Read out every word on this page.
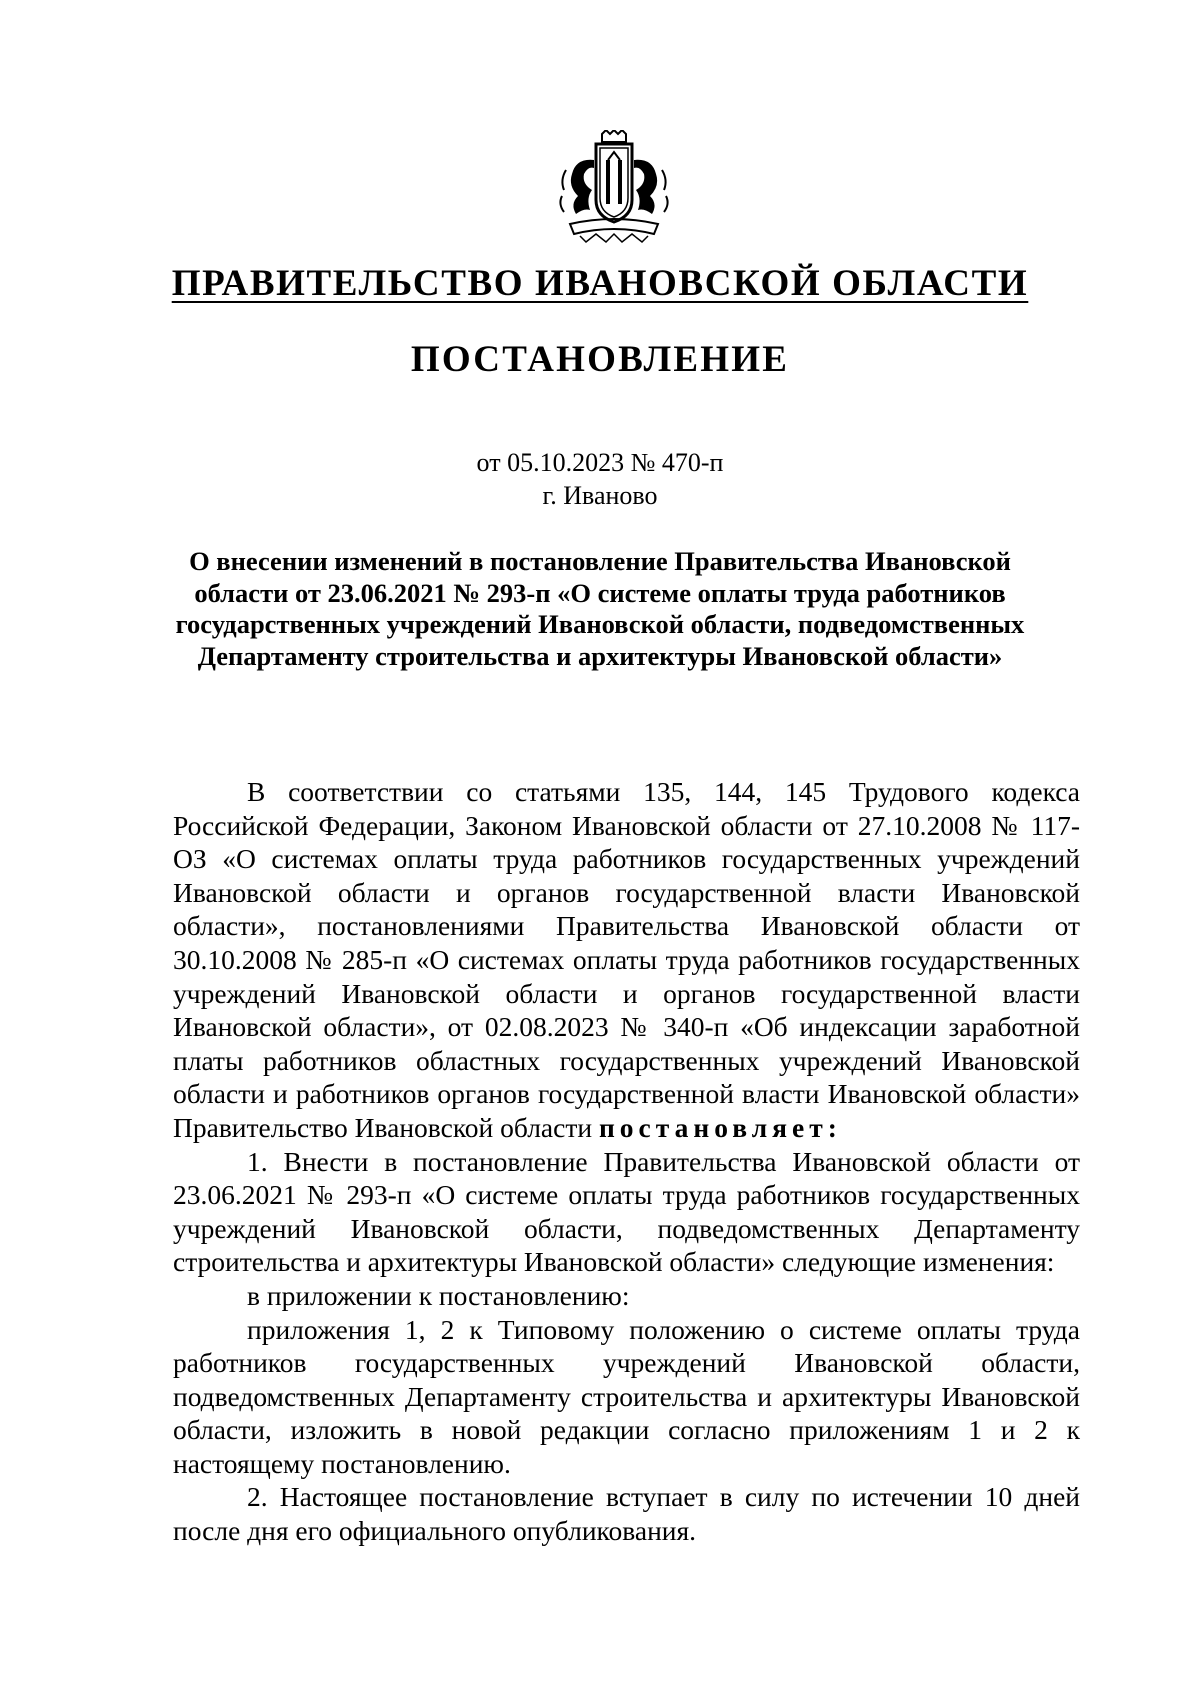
ПРАВИТЕЛЬСТВО ИВАНОВСКОЙ ОБЛАСТИ
ПОСТАНОВЛЕНИЕ
от 05.10.2023 № 470-п
г. Иваново
О внесении изменений в постановление Правительства Ивановской области от 23.06.2021 № 293-п «О системе оплаты труда работников государственных учреждений Ивановской области, подведомственных Департаменту строительства и архитектуры Ивановской области»

В соответствии со статьями 135, 144, 145 Трудового кодекса Российской Федерации, Законом Ивановской области от 27.10.2008 № 117-ОЗ «О системах оплаты труда работников государственных учреждений Ивановской области и органов государственной власти Ивановской области», постановлениями Правительства Ивановской области от 30.10.2008 № 285-п «О системах оплаты труда работников государственных учреждений Ивановской области и органов государственной власти Ивановской области», от 02.08.2023 № 340-п «Об индексации заработной платы работников областных государственных учреждений Ивановской области и работников органов государственной власти Ивановской области» Правительство Ивановской области постановляет:

1. Внести в постановление Правительства Ивановской области от 23.06.2021 № 293-п «О системе оплаты труда работников государственных учреждений Ивановской области, подведомственных Департаменту строительства и архитектуры Ивановской области» следующие изменения:

в приложении к постановлению:

приложения 1, 2 к Типовому положению о системе оплаты труда работников государственных учреждений Ивановской области, подведомственных Департаменту строительства и архитектуры Ивановской области, изложить в новой редакции согласно приложениям 1 и 2 к настоящему постановлению.

2. Настоящее постановление вступает в силу по истечении 10 дней после дня его официального опубликования.
